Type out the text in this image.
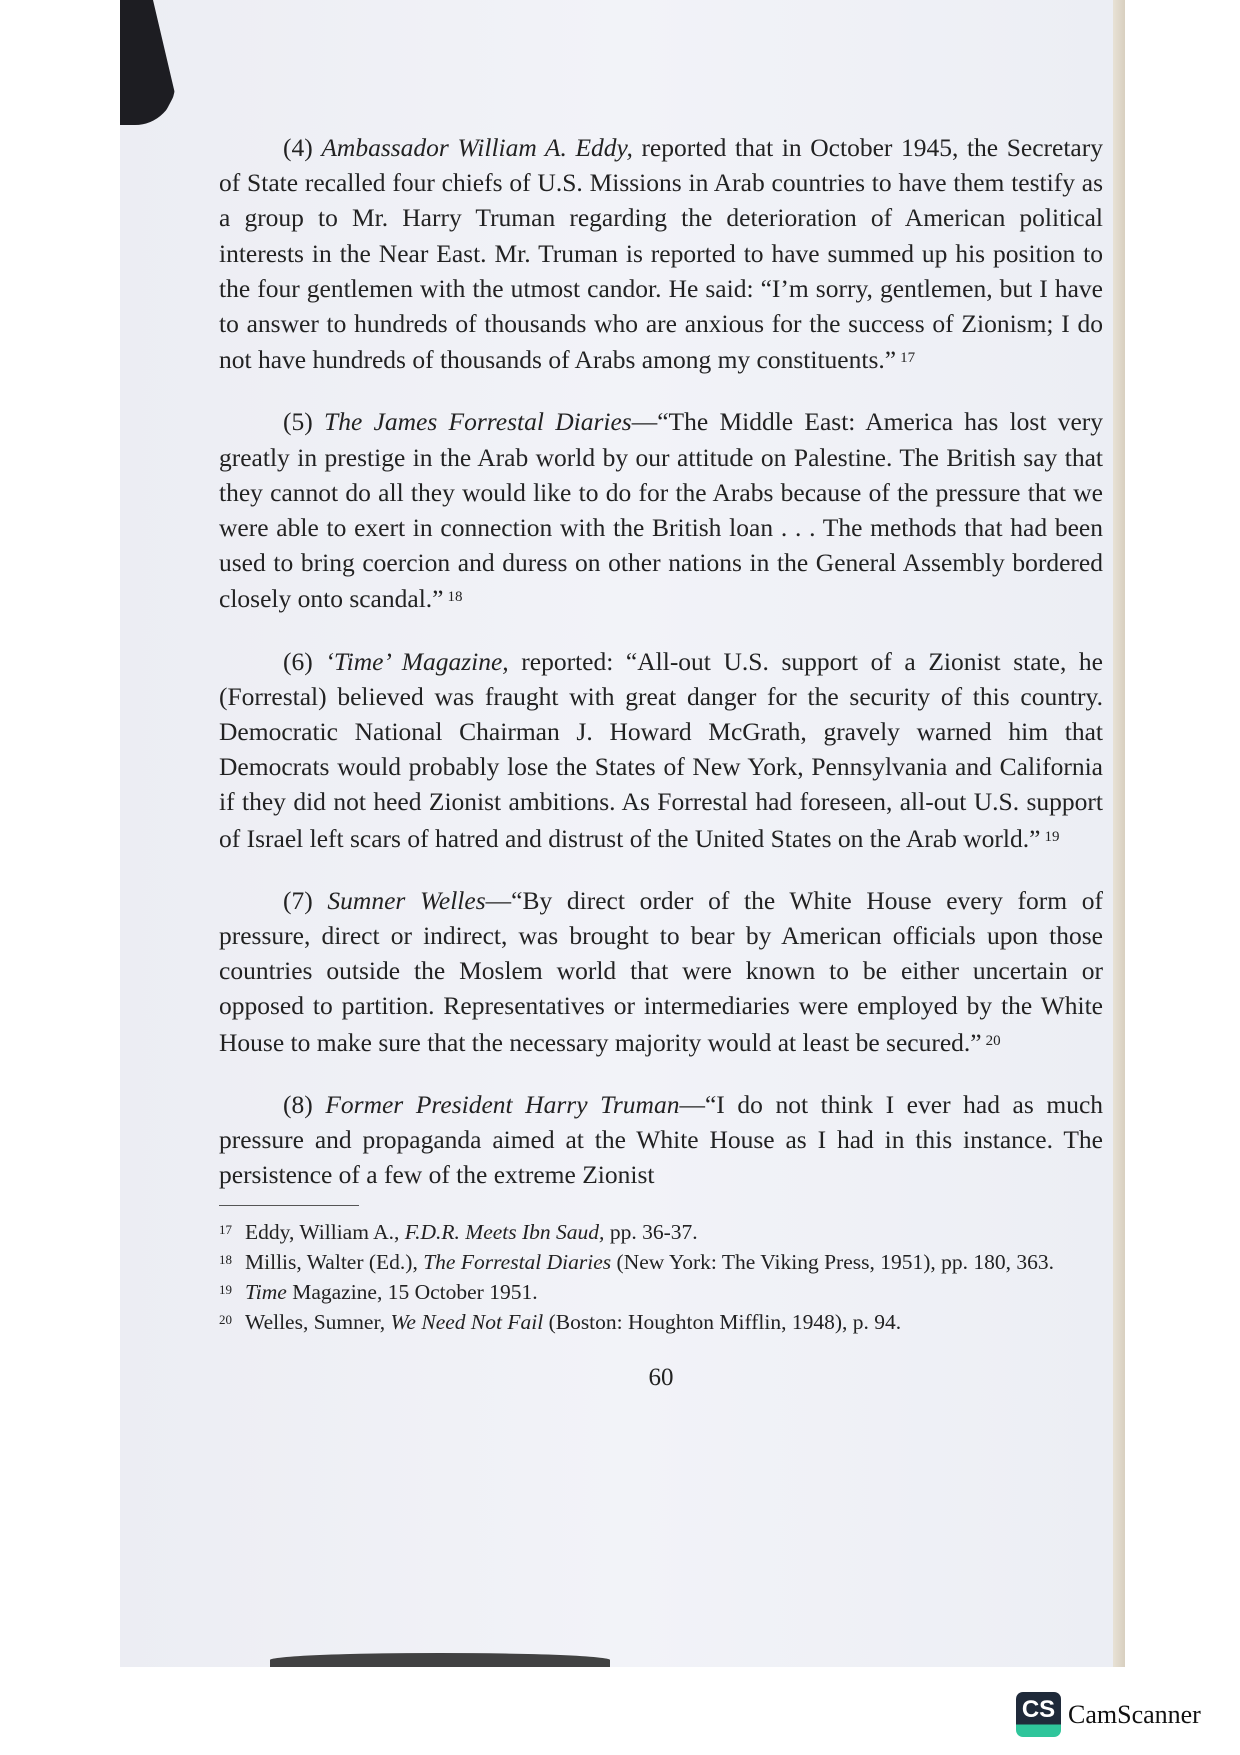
(4) Ambassador William A. Eddy, reported that in October 1945, the Secretary of State recalled four chiefs of U.S. Missions in Arab countries to have them testify as a group to Mr. Harry Truman regarding the deterioration of American political interests in the Near East. Mr. Truman is reported to have summed up his position to the four gentlemen with the utmost candor. He said: “I’m sorry, gentlemen, but I have to answer to hundreds of thousands who are anxious for the success of Zionism; I do not have hundreds of thousands of Arabs among my constituents.” $^{17}$

(5) The James Forrestal Diaries—“The Middle East: America has lost very greatly in prestige in the Arab world by our attitude on Palestine. The British say that they cannot do all they would like to do for the Arabs because of the pressure that we were able to exert in connection with the British loan . . . The methods that had been used to bring coercion and duress on other nations in the General Assembly bordered closely onto scandal.” $^{18}$

(6) ‘Time’ Magazine, reported: “All-out U.S. support of a Zionist state, he (Forrestal) believed was fraught with great danger for the security of this country. Democratic National Chairman J. Howard McGrath, gravely warned him that Democrats would probably lose the States of New York, Pennsylvania and California if they did not heed Zionist ambitions. As Forrestal had foreseen, all-out U.S. support of Israel left scars of hatred and distrust of the United States on the Arab world.” $^{19}$

(7) Sumner Welles—“By direct order of the White House every form of pressure, direct or indirect, was brought to bear by American officials upon those countries outside the Moslem world that were known to be either uncertain or opposed to partition. Representatives or intermediaries were employed by the White House to make sure that the necessary majority would at least be secured.” $^{20}$

(8) Former President Harry Truman—“I do not think I ever had as much pressure and propaganda aimed at the White House as I had in this instance. The persistence of a few of the extreme Zionist

17 Eddy, William A., F.D.R. Meets Ibn Saud, pp. 36-37.
18 Millis, Walter (Ed.), The Forrestal Diaries (New York: The Viking Press, 1951), pp. 180, 363.
19 Time Magazine, 15 October 1951.
20 Welles, Sumner, We Need Not Fail (Boston: Houghton Mifflin, 1948), p. 94.
60
CS CamScanner
